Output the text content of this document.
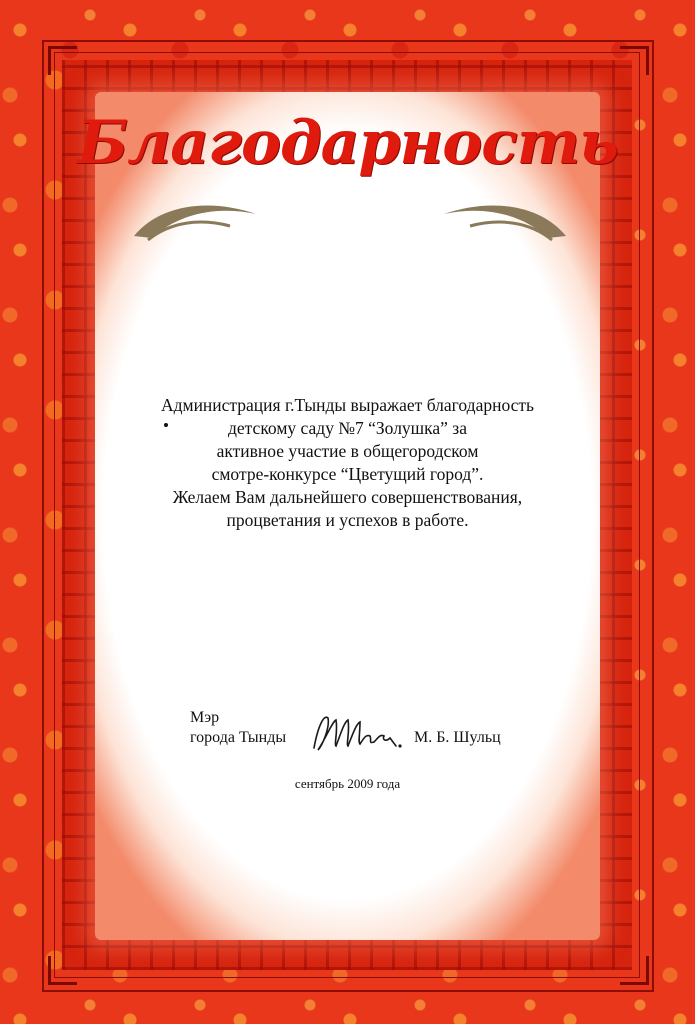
Благодарность
Администрация г.Тынды выражает благодарность
детскому саду №7 “Золушка” за
активное участие в общегородском
смотре-конкурсе “Цветущий город”.
Желаем Вам дальнейшего совершенствования,
процветания и успехов в работе.
Мэр
города Тынды	М. Б. Шульц
сентябрь 2009 года
